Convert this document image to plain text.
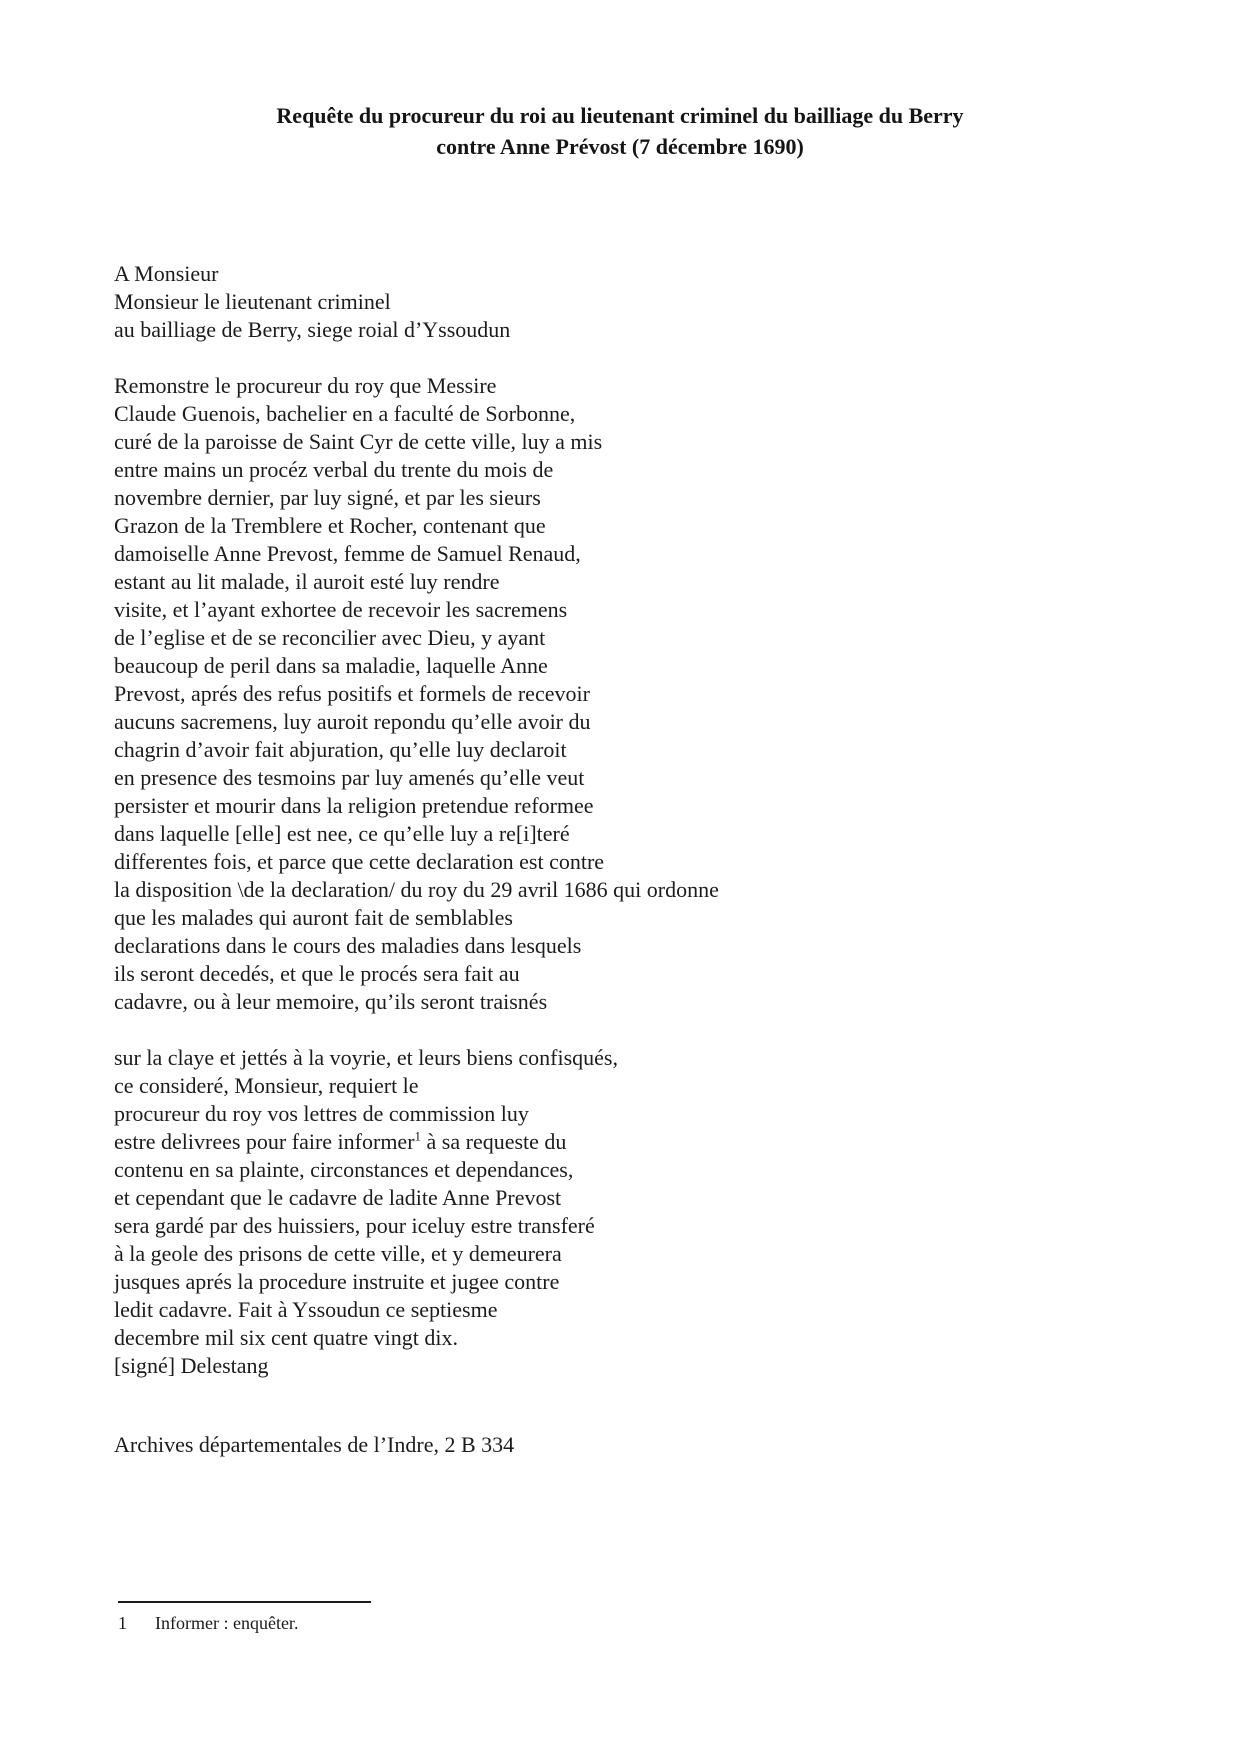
Requête du procureur du roi au lieutenant criminel du bailliage du Berry
contre Anne Prévost (7 décembre 1690)
A Monsieur
Monsieur le lieutenant criminel
au bailliage de Berry, siege roial d’Yssoudun
Remonstre le procureur du roy que Messire
Claude Guenois, bachelier en a faculté de Sorbonne,
curé de la paroisse de Saint Cyr de cette ville, luy a mis
entre mains un procéz verbal du trente du mois de
novembre dernier, par luy signé, et par les sieurs
Grazon de la Tremblere et Rocher, contenant que
damoiselle Anne Prevost, femme de Samuel Renaud,
estant au lit malade, il auroit esté luy rendre
visite, et l’ayant exhortee de recevoir les sacremens
de l’eglise et de se reconcilier avec Dieu, y ayant
beaucoup de peril dans sa maladie, laquelle Anne
Prevost, aprés des refus positifs et formels de recevoir
aucuns sacremens, luy auroit repondu qu’elle avoir du
chagrin d’avoir fait abjuration, qu’elle luy declaroit
en presence des tesmoins par luy amenés qu’elle veut
persister et mourir dans la religion pretendue reformee
dans laquelle [elle] est nee, ce qu’elle luy a re[i]teré
differentes fois, et parce que cette declaration est contre
la disposition \de la declaration/ du roy du 29 avril 1686 qui ordonne
que les malades qui auront fait de semblables
declarations dans le cours des maladies dans lesquels
ils seront decedés, et que le procés sera fait au
cadavre, ou à leur memoire, qu’ils seront traisnés
sur la claye et jettés à la voyrie, et leurs biens confisqués,
ce consideré, Monsieur, requiert le
procureur du roy vos lettres de commission luy
estre delivrees pour faire informer$^1$ à sa requeste du
contenu en sa plainte, circonstances et dependances,
et cependant que le cadavre de ladite Anne Prevost
sera gardé par des huissiers, pour iceluy estre transferé
à la geole des prisons de cette ville, et y demeurera
jusques aprés la procedure instruite et jugee contre
ledit cadavre. Fait à Yssoudun ce septiesme
decembre mil six cent quatre vingt dix.
[signé] Delestang
Archives départementales de l’Indre, 2 B 334
1 Informer : enquêter.
